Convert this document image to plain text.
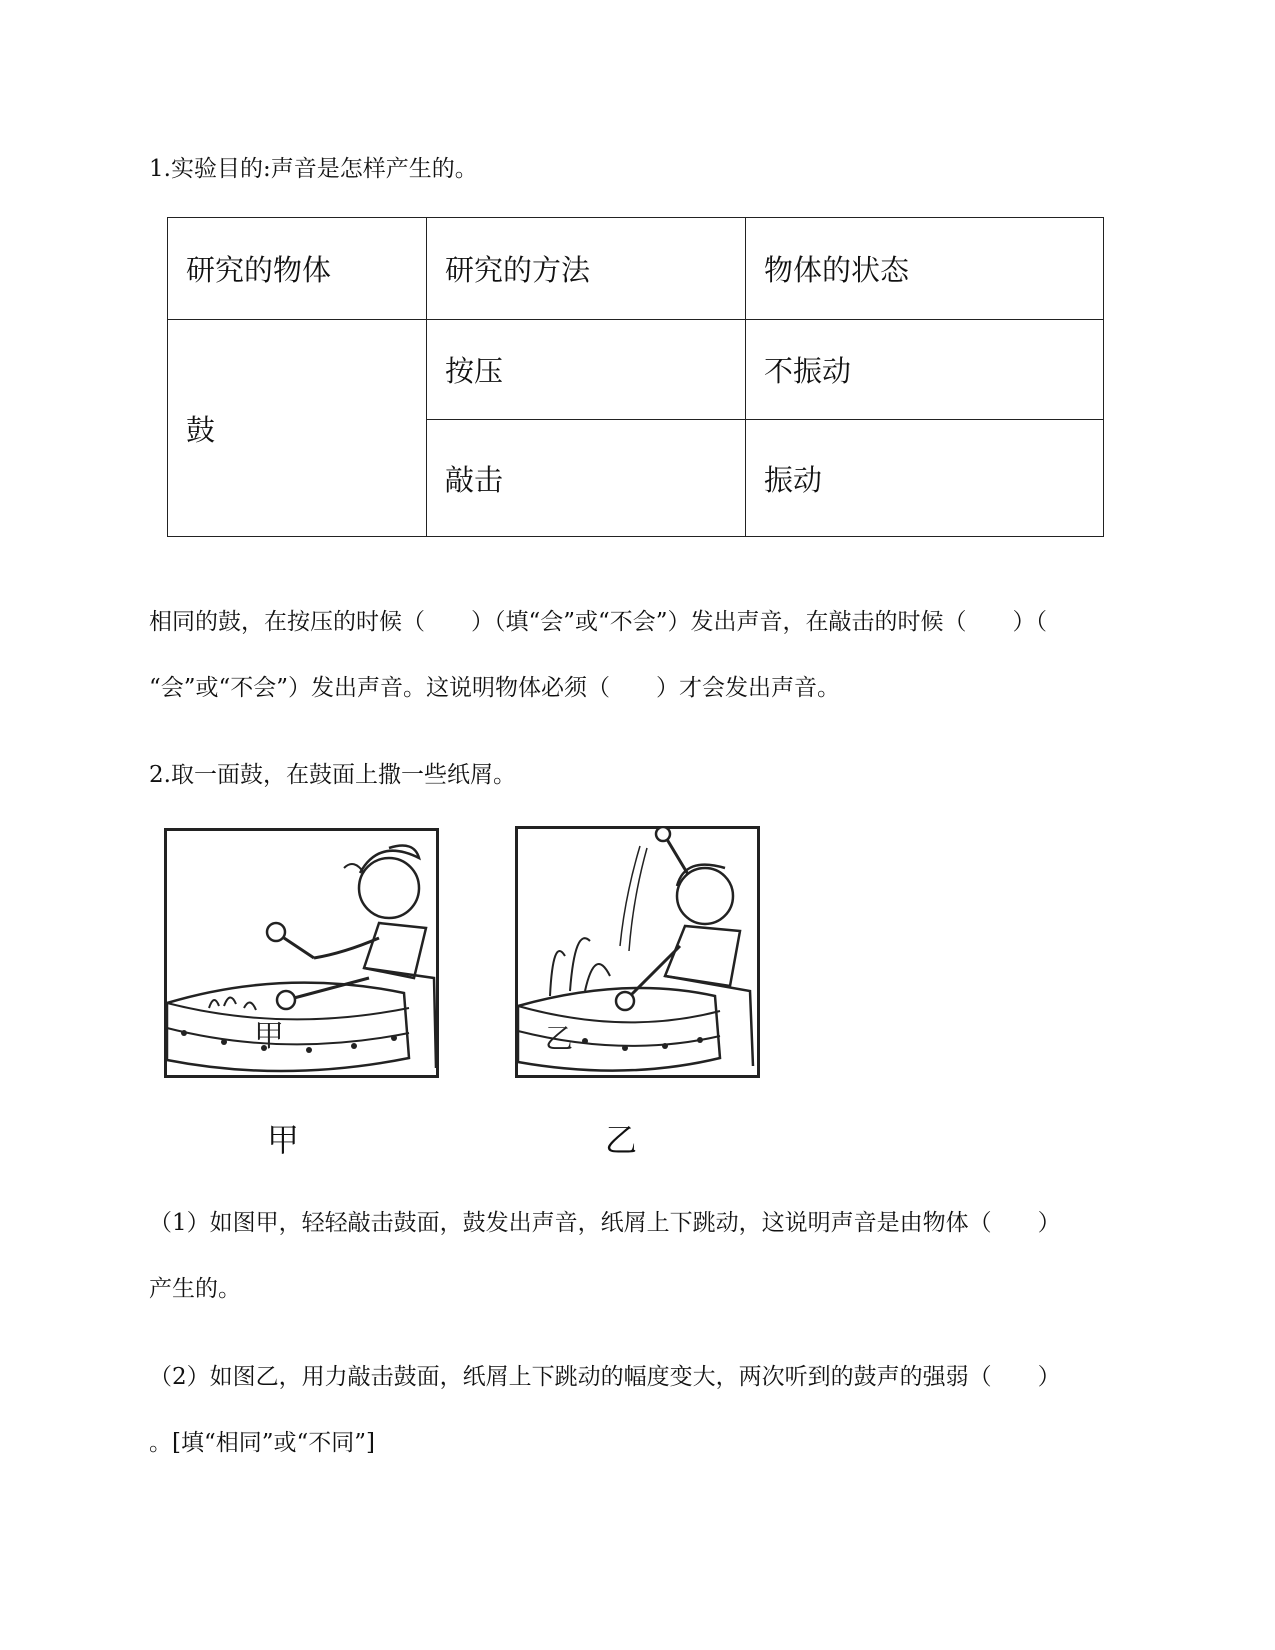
1.实验目的:声音是怎样产生的。
研究的物体	研究的方法	物体的状态
鼓	按压	不振动
	敲击	振动
相同的鼓，在按压的时候（　　）（填“会”或“不会”）发出声音，在敲击的时候（　　）（
“会”或“不会”）发出声音。这说明物体必须（　　）才会发出声音。
2.取一面鼓，在鼓面上撒一些纸屑。
甲	乙
甲	乙
（1）如图甲，轻轻敲击鼓面，鼓发出声音，纸屑上下跳动，这说明声音是由物体（　　）
产生的。
（2）如图乙，用力敲击鼓面，纸屑上下跳动的幅度变大，两次听到的鼓声的强弱（　　）
。[填“相同”或“不同”]
